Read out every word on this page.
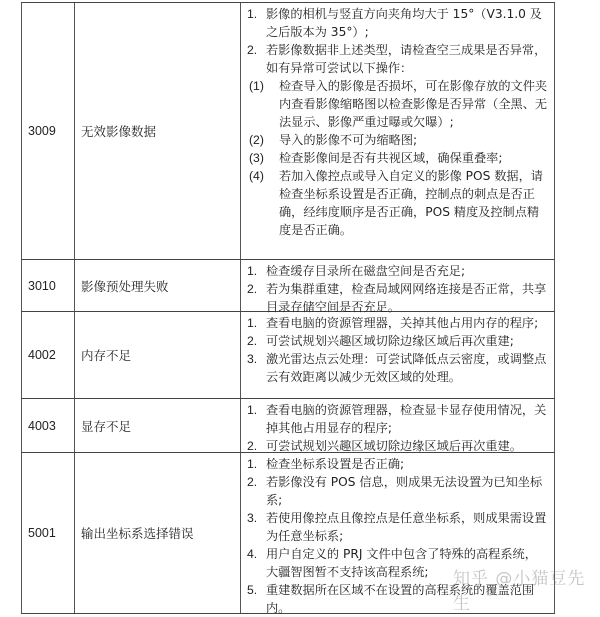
3009	无效影像数据
1. 影像的相机与竖直方向夹角均大于 15°（V3.1.0 及之后版本为 35°）;
2. 若影像数据非上述类型，请检查空三成果是否异常，如有异常可尝试以下操作：
(1)	检查导入的影像是否损坏，可在影像存放的文件夹内查看影像缩略图以检查影像是否异常（全黑、无法显示、影像严重过曝或欠曝）;
(2)	导入的影像不可为缩略图;
(3)	检查影像间是否有共视区域，确保重叠率;
(4)	若加入像控点或导入自定义的影像 POS 数据，请检查坐标系设置是否正确，控制点的刺点是否正确，经纬度顺序是否正确，POS 精度及控制点精度是否正确。
3010	影像预处理失败
1. 检查缓存目录所在磁盘空间是否充足;
2. 若为集群重建，检查局域网网络连接是否正常，共享目录存储空间是否充足。
4002	内存不足
1. 查看电脑的资源管理器，关掉其他占用内存的程序;
2. 可尝试规划兴趣区域切除边缘区域后再次重建;
3. 激光雷达点云处理：可尝试降低点云密度，或调整点云有效距离以减少无效区域的处理。
4003	显存不足
1. 查看电脑的资源管理器，检查显卡显存使用情况，关掉其他占用显存的程序;
2. 可尝试规划兴趣区域切除边缘区域后再次重建。
5001	输出坐标系选择错误
1. 检查坐标系设置是否正确;
2. 若影像没有 POS 信息，则成果无法设置为已知坐标系;
3. 若使用像控点且像控点是任意坐标系，则成果需设置为任意坐标系;
4. 用户自定义的 PRJ 文件中包含了特殊的高程系统，大疆智图暂不支持该高程系统;
5. 重建数据所在区域不在设置的高程系统的覆盖范围内。
知乎 @小猫豆先生
